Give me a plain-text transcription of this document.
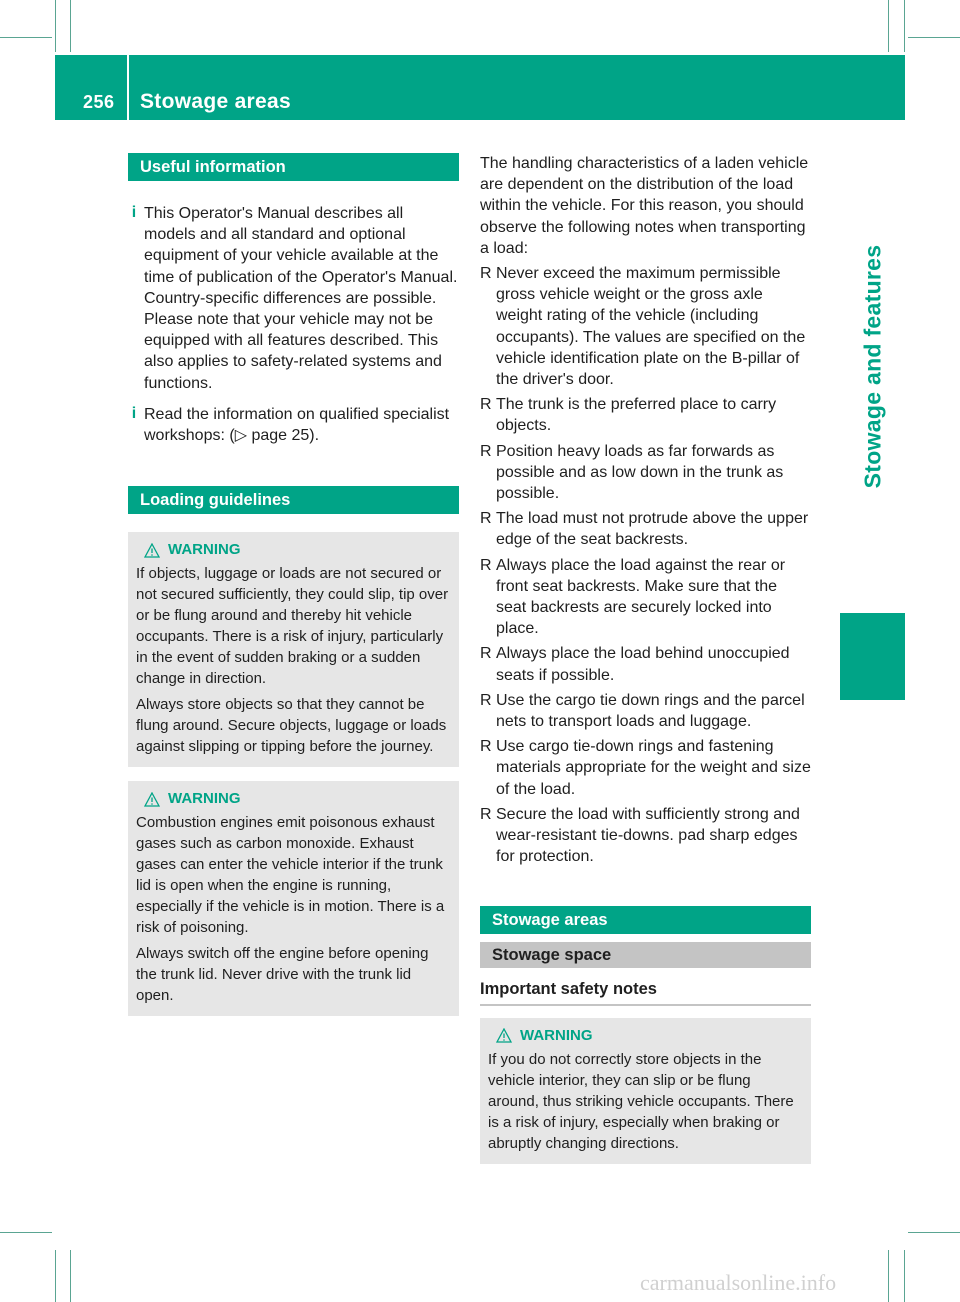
256 Stowage areas
Stowage and features
Useful information
i This Operator's Manual describes all models and all standard and optional equipment of your vehicle available at the time of publication of the Operator's Manual. Country-specific differences are possible. Please note that your vehicle may not be equipped with all features described. This also applies to safety-related systems and functions.

i Read the information on qualified specialist workshops: (▷ page 25).

Loading guidelines
WARNING

If objects, luggage or loads are not secured or not secured sufficiently, they could slip, tip over or be flung around and thereby hit vehicle occupants. There is a risk of injury, particularly in the event of sudden braking or a sudden change in direction.

Always store objects so that they cannot be flung around. Secure objects, luggage or loads against slipping or tipping before the journey.

WARNING

Combustion engines emit poisonous exhaust gases such as carbon monoxide. Exhaust gases can enter the vehicle interior if the trunk lid is open when the engine is running, especially if the vehicle is in motion. There is a risk of poisoning.

Always switch off the engine before opening the trunk lid. Never drive with the trunk lid open.

The handling characteristics of a laden vehicle are dependent on the distribution of the load within the vehicle. For this reason, you should observe the following notes when transporting a load:

R Never exceed the maximum permissible gross vehicle weight or the gross axle weight rating of the vehicle (including occupants). The values are specified on the vehicle identification plate on the B-pillar of the driver's door.
R The trunk is the preferred place to carry objects.
R Position heavy loads as far forwards as possible and as low down in the trunk as possible.
R The load must not protrude above the upper edge of the seat backrests.
R Always place the load against the rear or front seat backrests. Make sure that the seat backrests are securely locked into place.
R Always place the load behind unoccupied seats if possible.
R Use the cargo tie down rings and the parcel nets to transport loads and luggage.
R Use cargo tie-down rings and fastening materials appropriate for the weight and size of the load.
R Secure the load with sufficiently strong and wear-resistant tie-downs. pad sharp edges for protection.
Stowage areas
Stowage space
Important safety notes
WARNING

If you do not correctly store objects in the vehicle interior, they can slip or be flung around, thus striking vehicle occupants. There is a risk of injury, especially when braking or abruptly changing directions.

carmanualsonline.info
